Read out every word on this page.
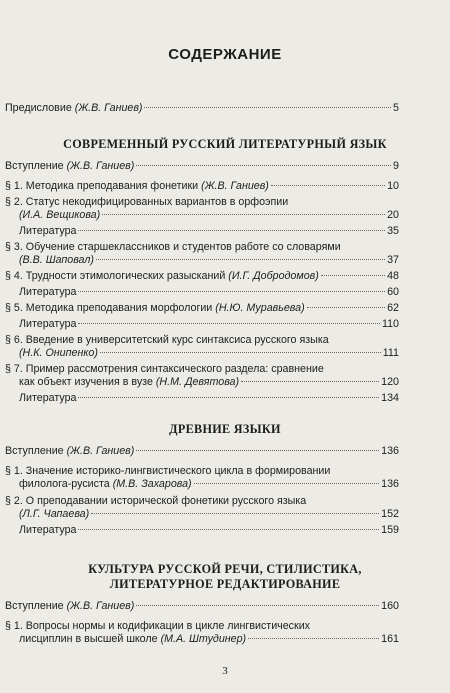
СОДЕРЖАНИЕ
Предисловие
(Ж.В. Ганиев)	5
СОВРЕМЕННЫЙ РУССКИЙ ЛИТЕРАТУРНЫЙ ЯЗЫК
Вступление
(Ж.В. Ганиев)	9
§ 1. Методика преподавания фонетики
(Ж.В. Ганиев)	10
§ 2. Статус некодифицированных вариантов в орфоэпии
(И.А. Вещикова)	20
Литература	35
§ 3. Обучение старшеклассников и студентов работе со словарями
(В.В. Шаповал)	37
§ 4. Трудности этимологических разысканий
(И.Г. Добродомов)	48
Литература	60
§ 5. Методика преподавания морфологии
(Н.Ю. Муравьева)	62
Литература	110
§ 6. Введение в университетский курс синтаксиса русского языка
(Н.К. Онипенко)	111
§ 7. Пример рассмотрения синтаксического раздела: сравнение
как объект изучения в вузе
(Н.М. Девятова)	120
Литература	134
ДРЕВНИЕ ЯЗЫКИ
Вступление
(Ж.В. Ганиев)	136
§ 1. Значение историко-лингвистического цикла в формировании
филолога-русиста
(М.В. Захарова)	136
§ 2. О преподавании исторической фонетики русского языка
(Л.Г. Чапаева)	152
Литература	159
КУЛЬТУРА РУССКОЙ РЕЧИ, СТИЛИСТИКА,
ЛИТЕРАТУРНОЕ РЕДАКТИРОВАНИЕ
Вступление
(Ж.В. Ганиев)	160
§ 1. Вопросы нормы и кодификации в цикле лингвистических
лисциплин в высшей школе
(М.А. Штудинер)	161
3
